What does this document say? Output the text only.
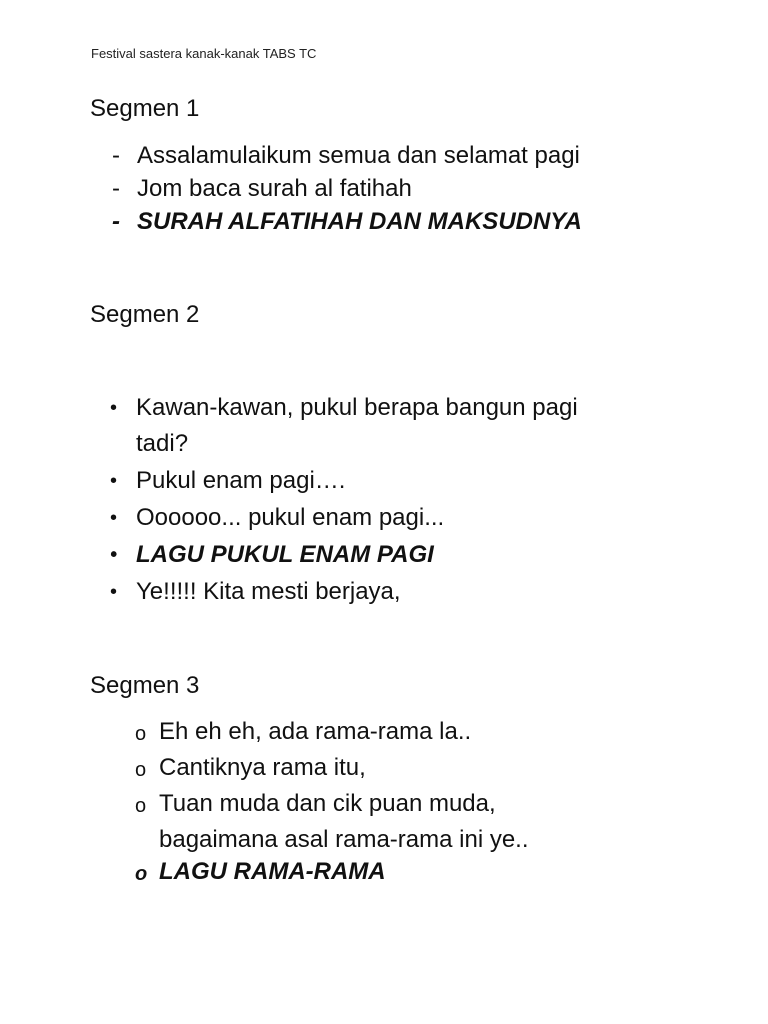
Festival sastera kanak-kanak TABS TC
Segmen 1
- Assalamulaikum semua dan selamat pagi
- Jom baca surah al fatihah
- SURAH ALFATIHAH DAN MAKSUDNYA
Segmen 2
• Kawan-kawan, pukul berapa bangun pagi
tadi?
• Pukul enam pagi….
• Oooooo... pukul enam pagi...
• LAGU PUKUL ENAM PAGI
• Ye!!!!! Kita mesti berjaya,
Segmen 3
o Eh eh eh, ada rama-rama la..
o Cantiknya rama itu,
o Tuan muda dan cik puan muda,
bagaimana asal rama-rama ini ye..
o LAGU RAMA-RAMA
